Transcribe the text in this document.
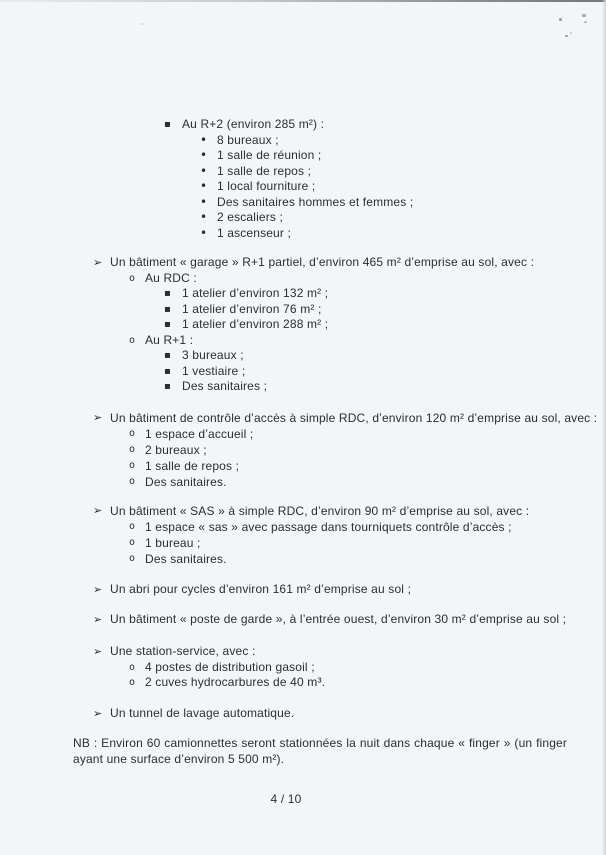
▪ Au R+2 (environ 285 m²) :
• 8 bureaux ;
• 1 salle de réunion ;
• 1 salle de repos ;
• 1 local fourniture ;
• Des sanitaires hommes et femmes ;
• 2 escaliers ;
• 1 ascenseur ;
➢ Un bâtiment « garage » R+1 partiel, d’environ 465 m² d’emprise au sol, avec :
o Au RDC :
▪ 1 atelier d’environ 132 m² ;
▪ 1 atelier d’environ 76 m² ;
▪ 1 atelier d’environ 288 m² ;
o Au R+1 :
▪ 3 bureaux ;
▪ 1 vestiaire ;
▪ Des sanitaires ;
➢ Un bâtiment de contrôle d’accès à simple RDC, d’environ 120 m² d’emprise au sol, avec :
o 1 espace d’accueil ;
o 2 bureaux ;
o 1 salle de repos ;
o Des sanitaires.
➢ Un bâtiment « SAS » à simple RDC, d’environ 90 m² d’emprise au sol, avec :
o 1 espace « sas » avec passage dans tourniquets contrôle d’accès ;
o 1 bureau ;
o Des sanitaires.
➢ Un abri pour cycles d’environ 161 m² d’emprise au sol ;
➢ Un bâtiment « poste de garde », à l’entrée ouest, d’environ 30 m² d’emprise au sol ;
➢ Une station-service, avec :
o 4 postes de distribution gasoil ;
o 2 cuves hydrocarbures de 40 m³.
➢ Un tunnel de lavage automatique.
NB : Environ 60 camionnettes seront stationnées la nuit dans chaque « finger » (un finger
ayant une surface d’environ 5 500 m²).
4 / 10
